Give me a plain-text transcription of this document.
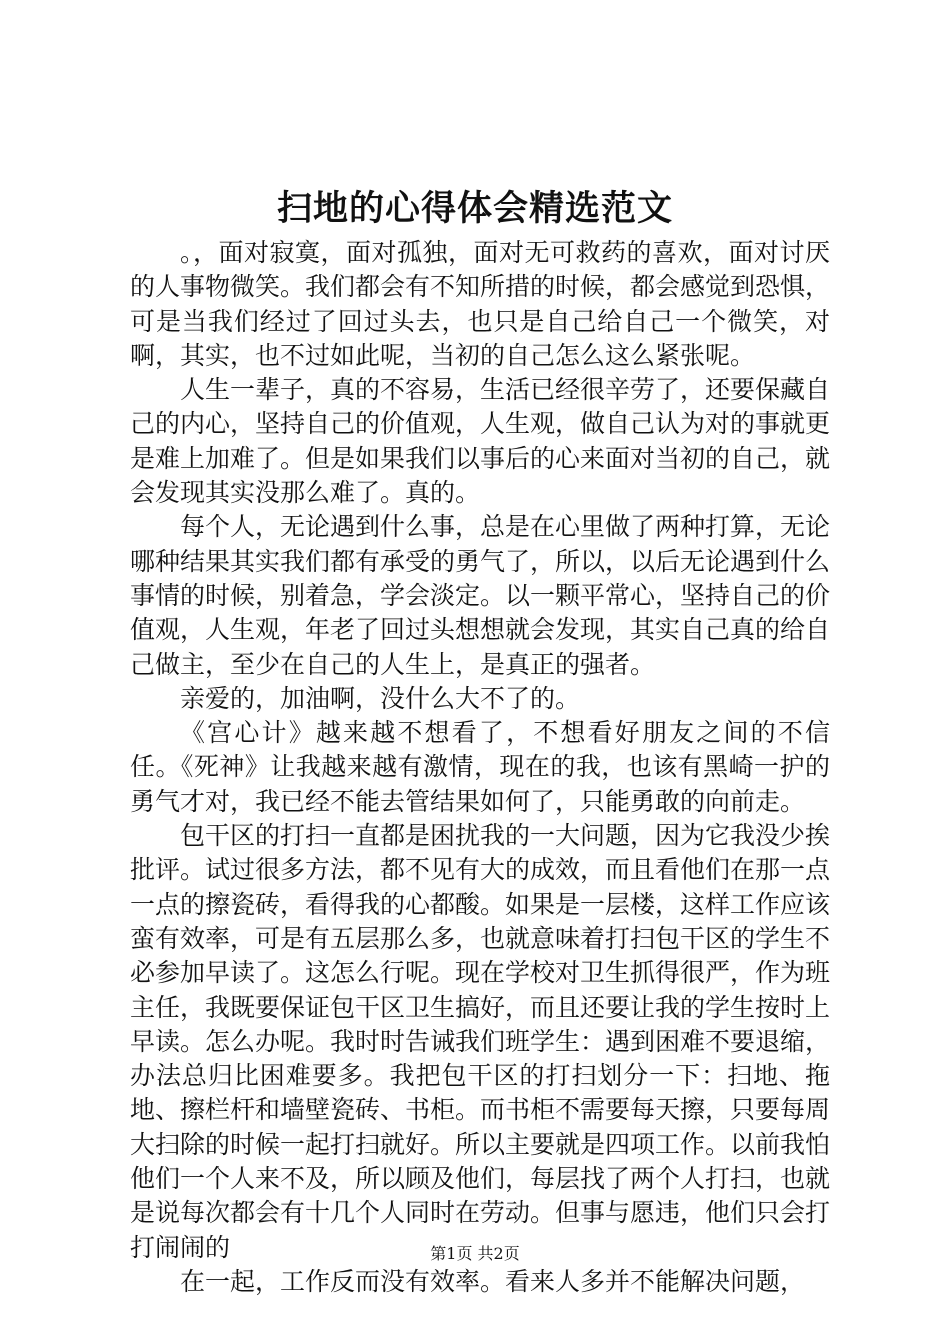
扫地的心得体会精选范文

。，面对寂寞，面对孤独，面对无可救药的喜欢，面对讨厌的人事物微笑。我们都会有不知所措的时候，都会感觉到恐惧，可是当我们经过了回过头去，也只是自己给自己一个微笑，对啊，其实，也不过如此呢，当初的自己怎么这么紧张呢。

人生一辈子，真的不容易，生活已经很辛劳了，还要保藏自己的内心，坚持自己的价值观，人生观，做自己认为对的事就更是难上加难了。但是如果我们以事后的心来面对当初的自己，就会发现其实没那么难了。真的。

每个人，无论遇到什么事，总是在心里做了两种打算，无论哪种结果其实我们都有承受的勇气了，所以，以后无论遇到什么事情的时候，别着急，学会淡定。以一颗平常心，坚持自己的价值观，人生观，年老了回过头想想就会发现，其实自己真的给自己做主，至少在自己的人生上，是真正的强者。

亲爱的，加油啊，没什么大不了的。

《宫心计》越来越不想看了，不想看好朋友之间的不信任。《死神》让我越来越有激情，现在的我，也该有黑崎一护的勇气才对，我已经不能去管结果如何了，只能勇敢的向前走。

包干区的打扫一直都是困扰我的一大问题，因为它我没少挨批评。试过很多方法，都不见有大的成效，而且看他们在那一点一点的擦瓷砖，看得我的心都酸。如果是一层楼，这样工作应该蛮有效率，可是有五层那么多，也就意味着打扫包干区的学生不必参加早读了。这怎么行呢。现在学校对卫生抓得很严，作为班主任，我既要保证包干区卫生搞好，而且还要让我的学生按时上早读。怎么办呢。我时时告诫我们班学生：遇到困难不要退缩，办法总归比困难要多。我把包干区的打扫划分一下：扫地、拖地、擦栏杆和墙壁瓷砖、书柜。而书柜不需要每天擦，只要每周大扫除的时候一起打扫就好。所以主要就是四项工作。以前我怕他们一个人来不及，所以顾及他们，每层找了两个人打扫，也就是说每次都会有十几个人同时在劳动。但事与愿违，他们只会打打闹闹的

在一起，工作反而没有效率。看来人多并不能解决问题，

第1页 共2页
